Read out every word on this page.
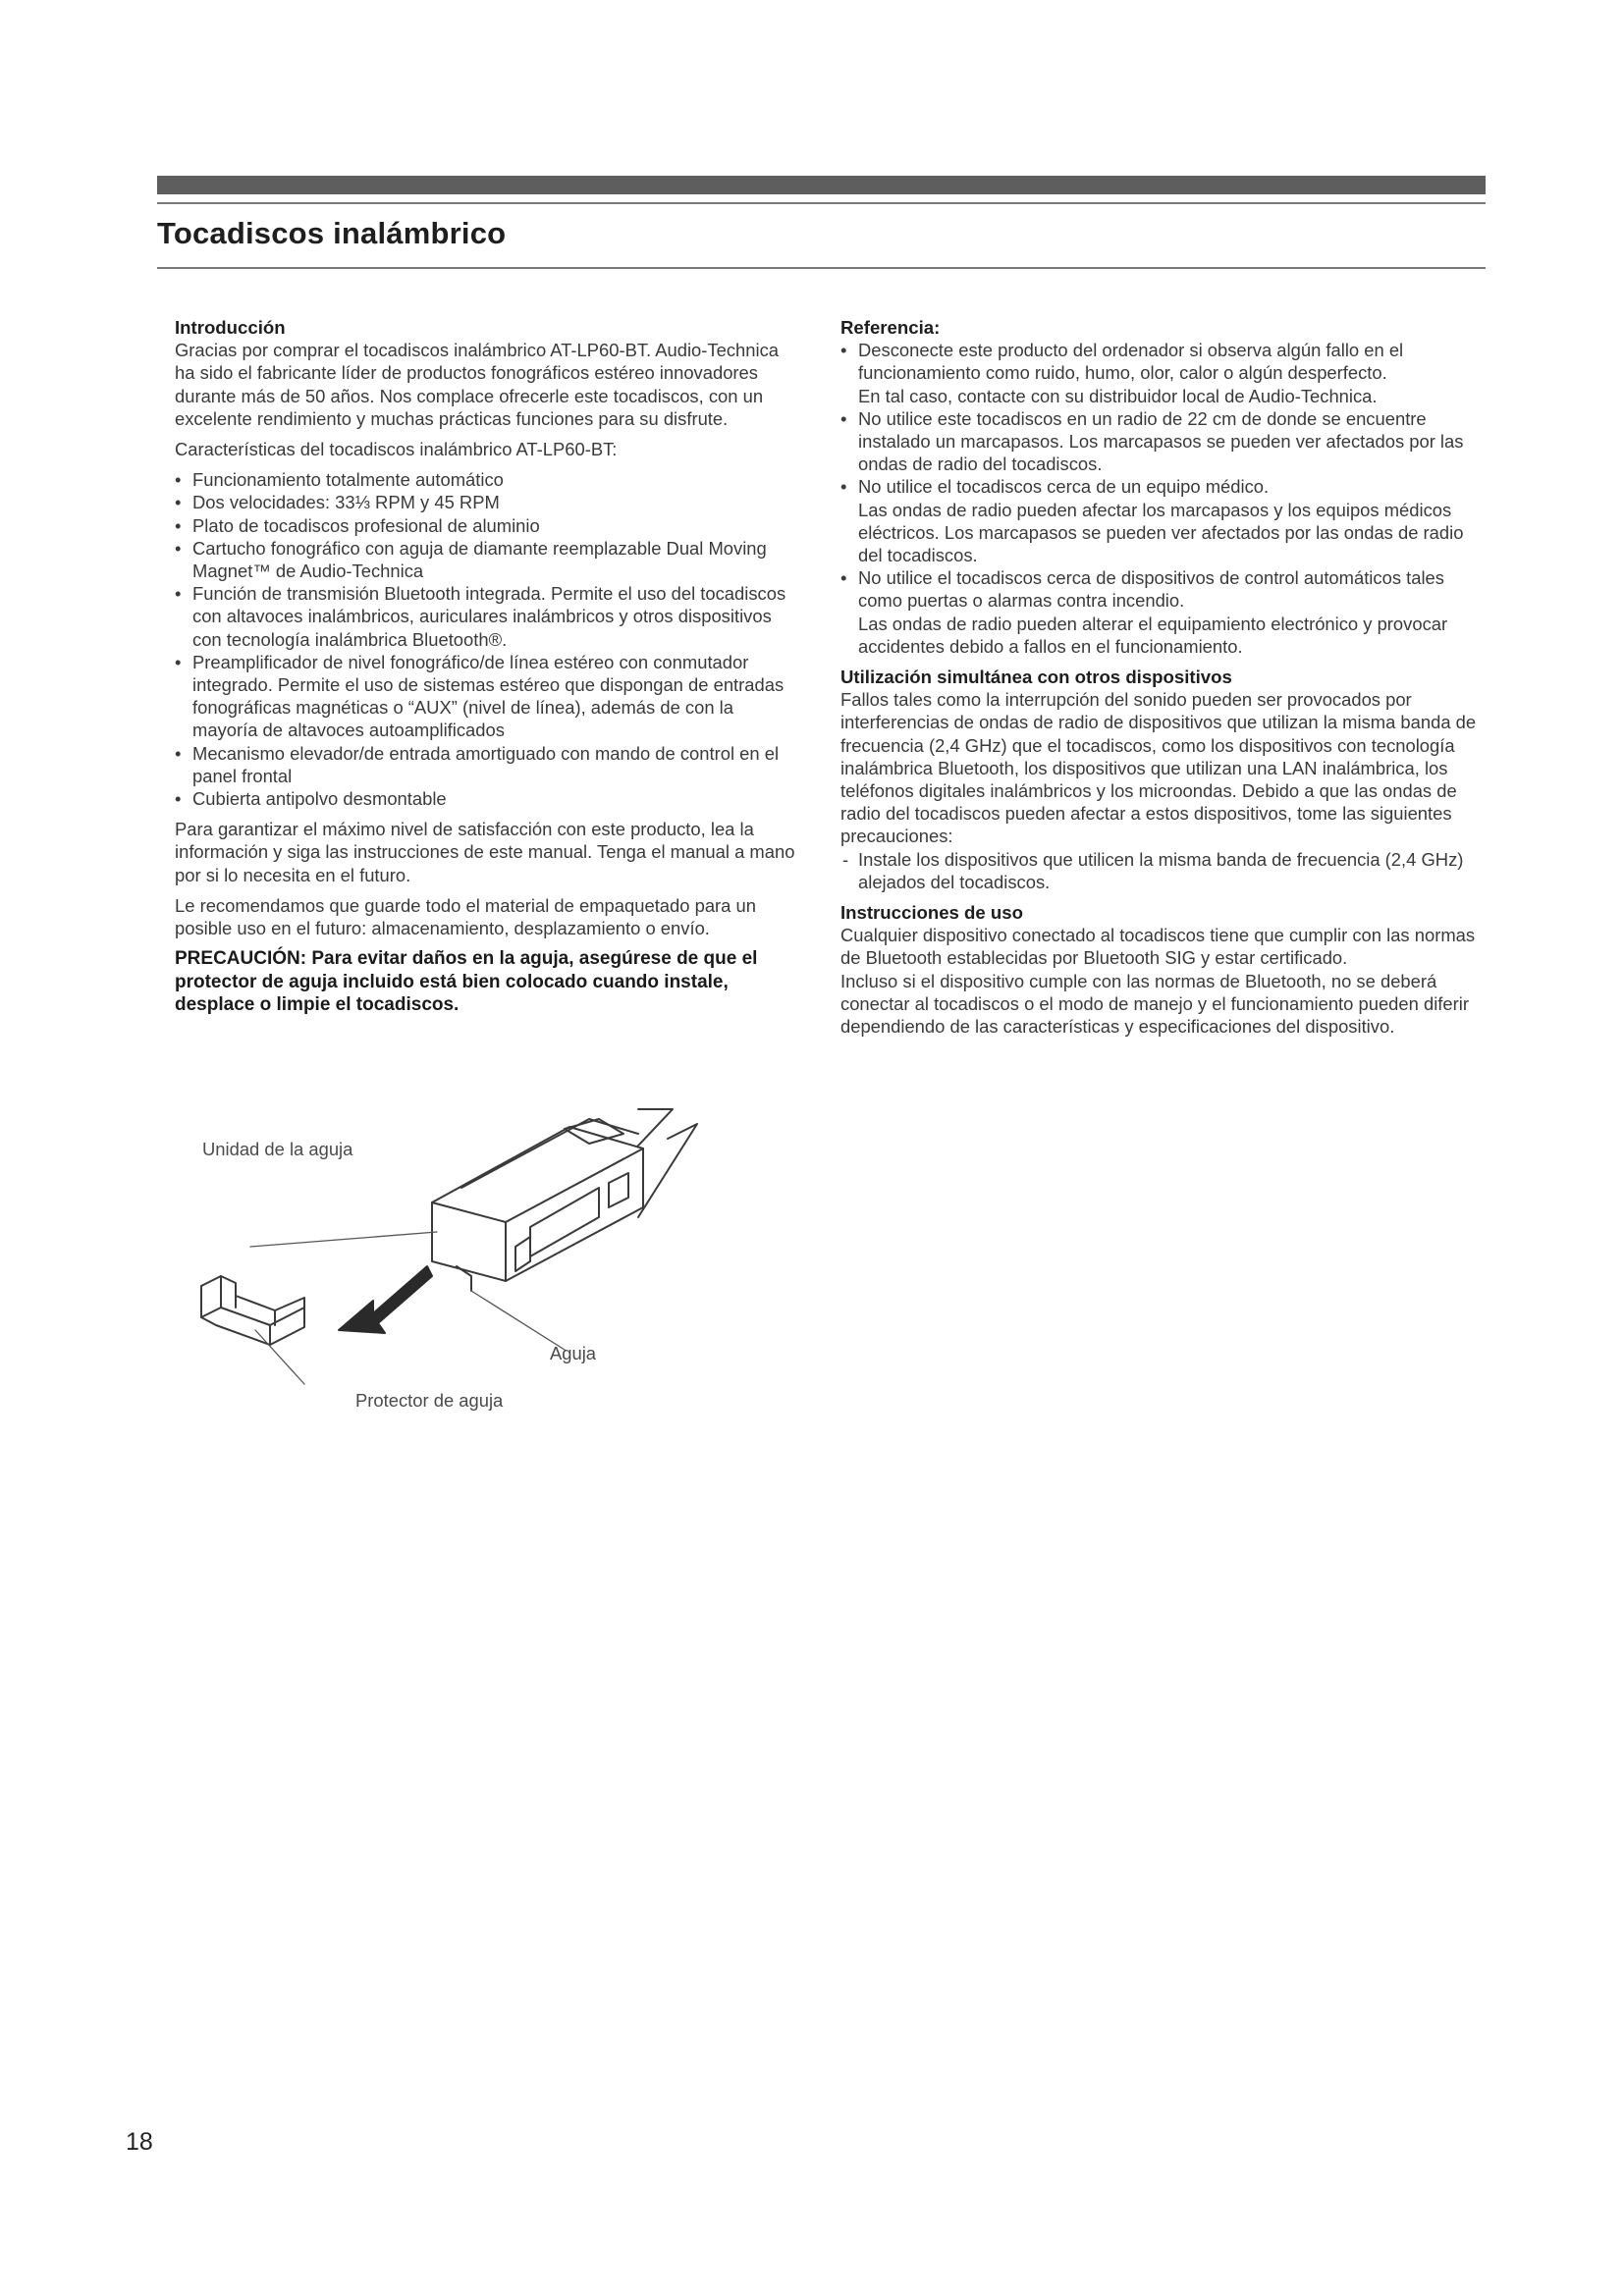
Tocadiscos inalámbrico
Introducción

Gracias por comprar el tocadiscos inalámbrico AT-LP60-BT. Audio-Technica ha sido el fabricante líder de productos fonográficos estéreo innovadores durante más de 50 años. Nos complace ofrecerle este tocadiscos, con un excelente rendimiento y muchas prácticas funciones para su disfrute.

Características del tocadiscos inalámbrico AT-LP60-BT:

• Funcionamiento totalmente automático
• Dos velocidades: 33⅓ RPM y 45 RPM
• Plato de tocadiscos profesional de aluminio
• Cartucho fonográfico con aguja de diamante reemplazable Dual Moving Magnet™ de Audio-Technica
• Función de transmisión Bluetooth integrada. Permite el uso del tocadiscos con altavoces inalámbricos, auriculares inalámbricos y otros dispositivos con tecnología inalámbrica Bluetooth®.
• Preamplificador de nivel fonográfico/de línea estéreo con conmutador integrado. Permite el uso de sistemas estéreo que dispongan de entradas fonográficas magnéticas o “AUX” (nivel de línea), además de con la mayoría de altavoces autoamplificados
• Mecanismo elevador/de entrada amortiguado con mando de control en el panel frontal
• Cubierta antipolvo desmontable

Para garantizar el máximo nivel de satisfacción con este producto, lea la información y siga las instrucciones de este manual. Tenga el manual a mano por si lo necesita en el futuro.

Le recomendamos que guarde todo el material de empaquetado para un posible uso en el futuro: almacenamiento, desplazamiento o envío.

PRECAUCIÓN: Para evitar daños en la aguja, asegúrese de que el protector de aguja incluido está bien colocado cuando instale, desplace o limpie el tocadiscos.

Unidad de la aguja
Aguja
Protector de aguja
Referencia:
• Desconecte este producto del ordenador si observa algún fallo en el funcionamiento como ruido, humo, olor, calor o algún desperfecto.
En tal caso, contacte con su distribuidor local de Audio-Technica.
• No utilice este tocadiscos en un radio de 22 cm de donde se encuentre instalado un marcapasos. Los marcapasos se pueden ver afectados por las ondas de radio del tocadiscos.
• No utilice el tocadiscos cerca de un equipo médico.
Las ondas de radio pueden afectar los marcapasos y los equipos médicos eléctricos. Los marcapasos se pueden ver afectados por las ondas de radio del tocadiscos.
• No utilice el tocadiscos cerca de dispositivos de control automáticos tales como puertas o alarmas contra incendio.
Las ondas de radio pueden alterar el equipamiento electrónico y provocar accidentes debido a fallos en el funcionamiento.
Utilización simultánea con otros dispositivos

Fallos tales como la interrupción del sonido pueden ser provocados por interferencias de ondas de radio de dispositivos que utilizan la misma banda de frecuencia (2,4 GHz) que el tocadiscos, como los dispositivos con tecnología inalámbrica Bluetooth, los dispositivos que utilizan una LAN inalámbrica, los teléfonos digitales inalámbricos y los microondas. Debido a que las ondas de radio del tocadiscos pueden afectar a estos dispositivos, tome las siguientes precauciones:

- Instale los dispositivos que utilicen la misma banda de frecuencia (2,4 GHz) alejados del tocadiscos.
Instrucciones de uso

Cualquier dispositivo conectado al tocadiscos tiene que cumplir con las normas de Bluetooth establecidas por Bluetooth SIG y estar certificado.

Incluso si el dispositivo cumple con las normas de Bluetooth, no se deberá conectar al tocadiscos o el modo de manejo y el funcionamiento pueden diferir dependiendo de las características y especificaciones del dispositivo.

18
